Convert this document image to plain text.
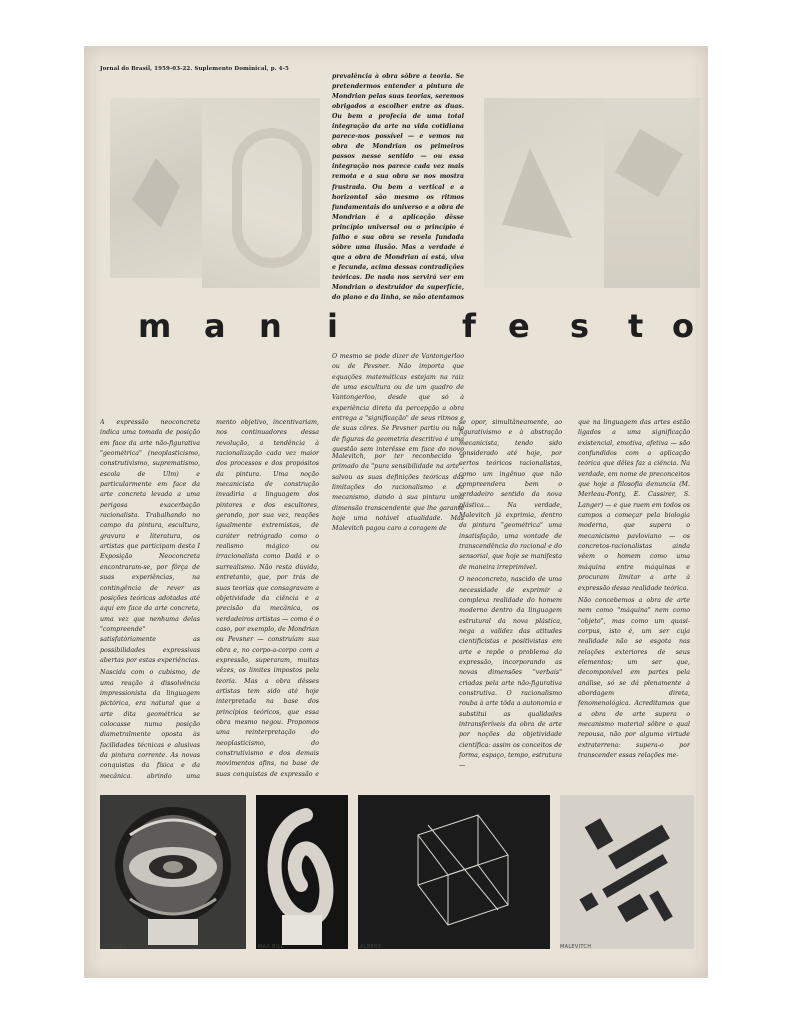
Jornal do Brasil, 1959-03-22. Suplemento Dominical, p. 4-5
m a n i	f e s t o

prevalência à obra sôbre a teoria. Se pretendermos entender a pintura de Mondrian pelas suas teorias, seremos obrigados a escolher entre as duas. Ou bem a profecia de uma total integração da arte na vida cotidiana parece-nos possível — e vemos na obra de Mondrian os primeiros passos nesse sentido — ou essa integração nos parece cada vez mais remota e a sua obra se nos mostra frustrada. Ou bem a vertical e a horizontal são mesmo os ritmos fundamentais do universo e a obra de Mondrian é a aplicação dêsse princípio universal ou o princípio é falho e sua obra se revela fundada sôbre uma ilusão. Mas a verdade é que a obra de Mondrian aí está, viva e fecunda, acima dessas contradições teóricas. De nada nos servirá ver em Mondrian o destruidor da superfície, do plano e da linha, se não atentamos

O mesmo se pode dizer de Vantongerloo ou de Pevsner. Não importa que equações matemáticas estejam na raiz de uma escultura ou de um quadro de Vantongerloo, desde que só à experiência direta da percepção a obra entrega a "significação" de seus ritmos e de suas côres. Se Pevsner partiu ou não de figuras da geometria descritiva é uma questão sem interêsse em face do novo

A expressão neoconcreta indica uma tomada de posição em face da arte não-figurativa "geométrica" (neoplasticismo, construtivismo, suprematismo, escola de Ulm) e particularmente em face da arte concreta levada a uma perigosa exacerbação racionalista. Trabalhando no campo da pintura, escultura, gravura e literatura, os artistas que participam desta I Exposição Neoconcreta encontraram-se, por fôrça de suas experiências, na contingência de rever as posições teóricas adotadas até aqui em face da arte concreta, uma vez que nenhuma delas "compreende" satisfatòriamente as possibilidades expressivas abertas por estas experiências.

Nascida com o cubismo, de uma reação à dissolvência impressionista da linguagem pictórica, era natural que a arte dita geométrica se colocasse numa posição diametralmente oposta às facilidades técnicas e alusivas da pintura corrente. As novas conquistas da física e da mecânica, abrindo uma

mento objetivo, incentivariam, nos continuadores dessa revolução, a tendência à racionalização cada vez maior dos processos e dos propósitos da pintura. Uma noção mecanicista de construção invadiria a linguagem dos pintores e dos escultores, gerando, por sua vez, reações igualmente extremistas, de caráter retrógrado como o realismo mágico ou irracionalista como Dadá e o surrealismo. Não resta dúvida, entretanto, que, por trás de suas teorias que consagravam a objetividade da ciência e a precisão da mecânica, os verdadeiros artistas — como é o caso, por exemplo, de Mondrian ou Pevsner — construíam sua obra e, no corpo-a-corpo com a expressão, superaram, muitas vêzes, os limites impostos pela teoria. Mas a obra dêsses artistas tem sido até hoje interpretada na base dos princípios teóricos, que essa obra mesmo negou. Propomos uma reinterpretação do neoplasticismo, do construtivismo e dos demais movimentos afins, na base de suas conquistas de expressão e

Malevitch, por ter reconhecido o primado da "pura sensibilidade na arte", salvou as suas definições teóricas das limitações do racionalismo e do mecanismo, dando à sua pintura uma dimensão transcendente que lhe garante hoje uma notável atualidade. Mas Malevitch pagou caro a coragem de

se opor, simultâneamente, ao figurativismo e à abstração mecanicista, tendo sido considerado até hoje, por certos teóricos racionalistas, como um ingênuo que não compreendera bem o verdadeiro sentido da nova plástica... Na verdade, Malevitch já exprimia, dentro da pintura "geométrica" uma insatisfação, uma vontade de transcendência do racional e do sensorial, que hoje se manifesta de maneira irreprimível.

O neoconcreto, nascido de uma necessidade de exprimir a complexa realidade do homem moderno dentro da linguagem estrutural da nova plástica, nega a validez das atitudes cientificistas e positivistas em arte e repõe o problema da expressão, incorporando as novas dimensões "verbais" criadas pela arte não-figurativa construtiva. O racionalismo rouba à arte tôda a autonomia e substitui as qualidades intransferíveis da obra de arte por noções da objetividade científica: assim os conceitos de forma, espaço, tempo, estrutura —

que na linguagem das artes estão ligados a uma significação existencial, emotiva, afetiva — são confundidos com a aplicação teórica que dêles faz a ciência. Na verdade, em nome de preconceitos que hoje a filosofia denuncia (M. Merleau-Ponty, E. Cassirer, S. Langer) — e que ruem em todos os campos a começar pela biologia moderna, que supera o mecanicismo pavloviano — os concretos-racionalistas ainda vêem o homem como uma máquina entre máquinas e procuram limitar a arte à expressão dessa realidade teórica.

Não concebemos a obra de arte nem como "máquina" nem como "objeto", mas como um quasi-corpus, isto é, um ser cuja realidade não se esgota nas relações exteriores de seus elementos; um ser que, decomponível em partes pela análise, só se dá plenamente à abordagem direta, fenomenológica. Acreditamos que a obra de arte supera o mecanismo material sôbre o qual repousa, não por alguma virtude extraterrena: supera-o por transcender essas relações me-

PEVSNER	MAX BILL	ALBERS	MALEVITCH
